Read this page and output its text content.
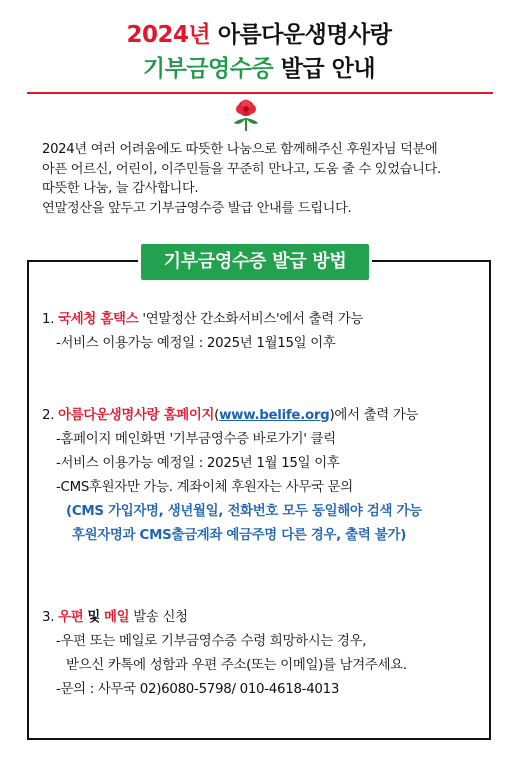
2024년 아름다운생명사랑
기부금영수증 발급 안내
2024년 여러 어려움에도 따뜻한 나눔으로 함께해주신 후원자님 덕분에
아픈 어르신, 어린이, 이주민들을 꾸준히 만나고, 도움 줄 수 있었습니다.
따뜻한 나눔, 늘 감사합니다.
연말정산을 앞두고 기부금영수증 발급 안내를 드립니다.
기부금영수증 발급 방법
1. 국세청 홈택스 '연말정산 간소화서비스'에서 출력 가능
-서비스 이용가능 예정일 : 2025년 1월15일 이후
2. 아름다운생명사랑 홈페이지(www.belife.org)에서 출력 가능
-홈페이지 메인화면 '기부금영수증 바로가기' 클릭
-서비스 이용가능 예정일 : 2025년 1월 15일 이후
-CMS후원자만 가능. 계좌이체 후원자는 사무국 문의
(CMS 가입자명, 생년월일, 전화번호 모두 동일해야 검색 가능
후원자명과 CMS출금계좌 예금주명 다른 경우, 출력 불가)
3. 우편 및 메일 발송 신청
-우편 또는 메일로 기부금영수증 수령 희망하시는 경우,
받으신 카톡에 성함과 우편 주소(또는 이메일)를 남겨주세요.
-문의 : 사무국 02)6080-5798/ 010-4618-4013
